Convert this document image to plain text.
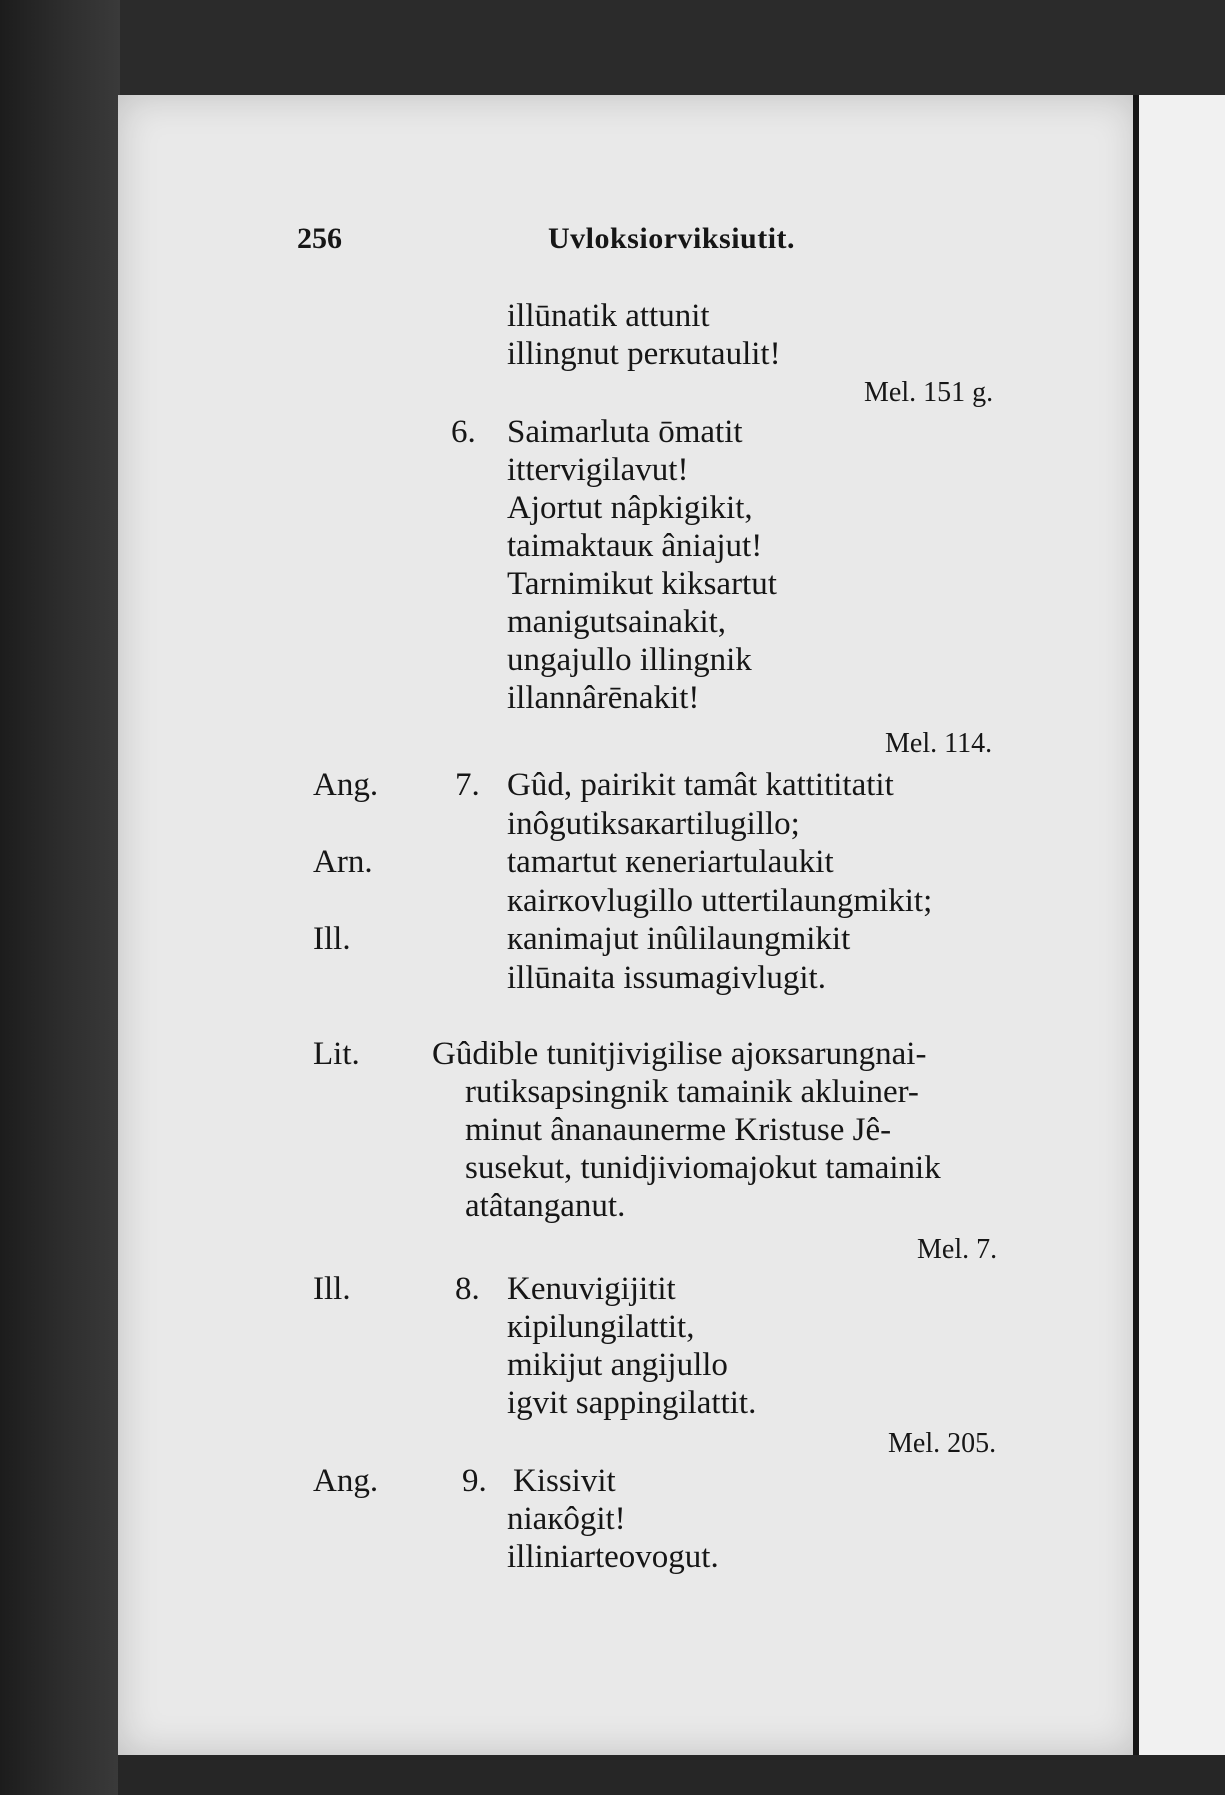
256	Uvloksiorviksiutit.
illūnatik attunit
illingnut perкutaulit!
Mel. 151 g.
6. Saimarluta ōmatit
ittervigilavut!
Ajortut nâpkigikit,
taimaktauк âniajut!
Tarnimikut kiksartut
manigutsainakit,
ungajullo illingnik
illannârēnakit!
Mel. 114.
Ang. 7. Gûd, pairikit tamât kattititatit
inôgutiksaкartilugillo;
Arn.	tamartut кeneriartulaukit
кairкovlugillo uttertilaungmikit;
Ill.	кanimajut inûlilaungmikit
illūnaita issumagivlugit.
Lit. Gûdible tunitjivigilise ajoкsarungnai-
rutiksapsingnik tamainik akluiner-
minut ânanaunerme Kristuse Jê-
susekut, tunidjiviomajokut tamainik
atâtanganut.
Mel. 7.
Ill.	8. Kenuvigijitit
кipilungilattit,
mikijut angijullo
igvit sappingilattit.
Mel. 205.
Ang.	9. Kissivit
niaкôgit!
illiniarteovogut.
